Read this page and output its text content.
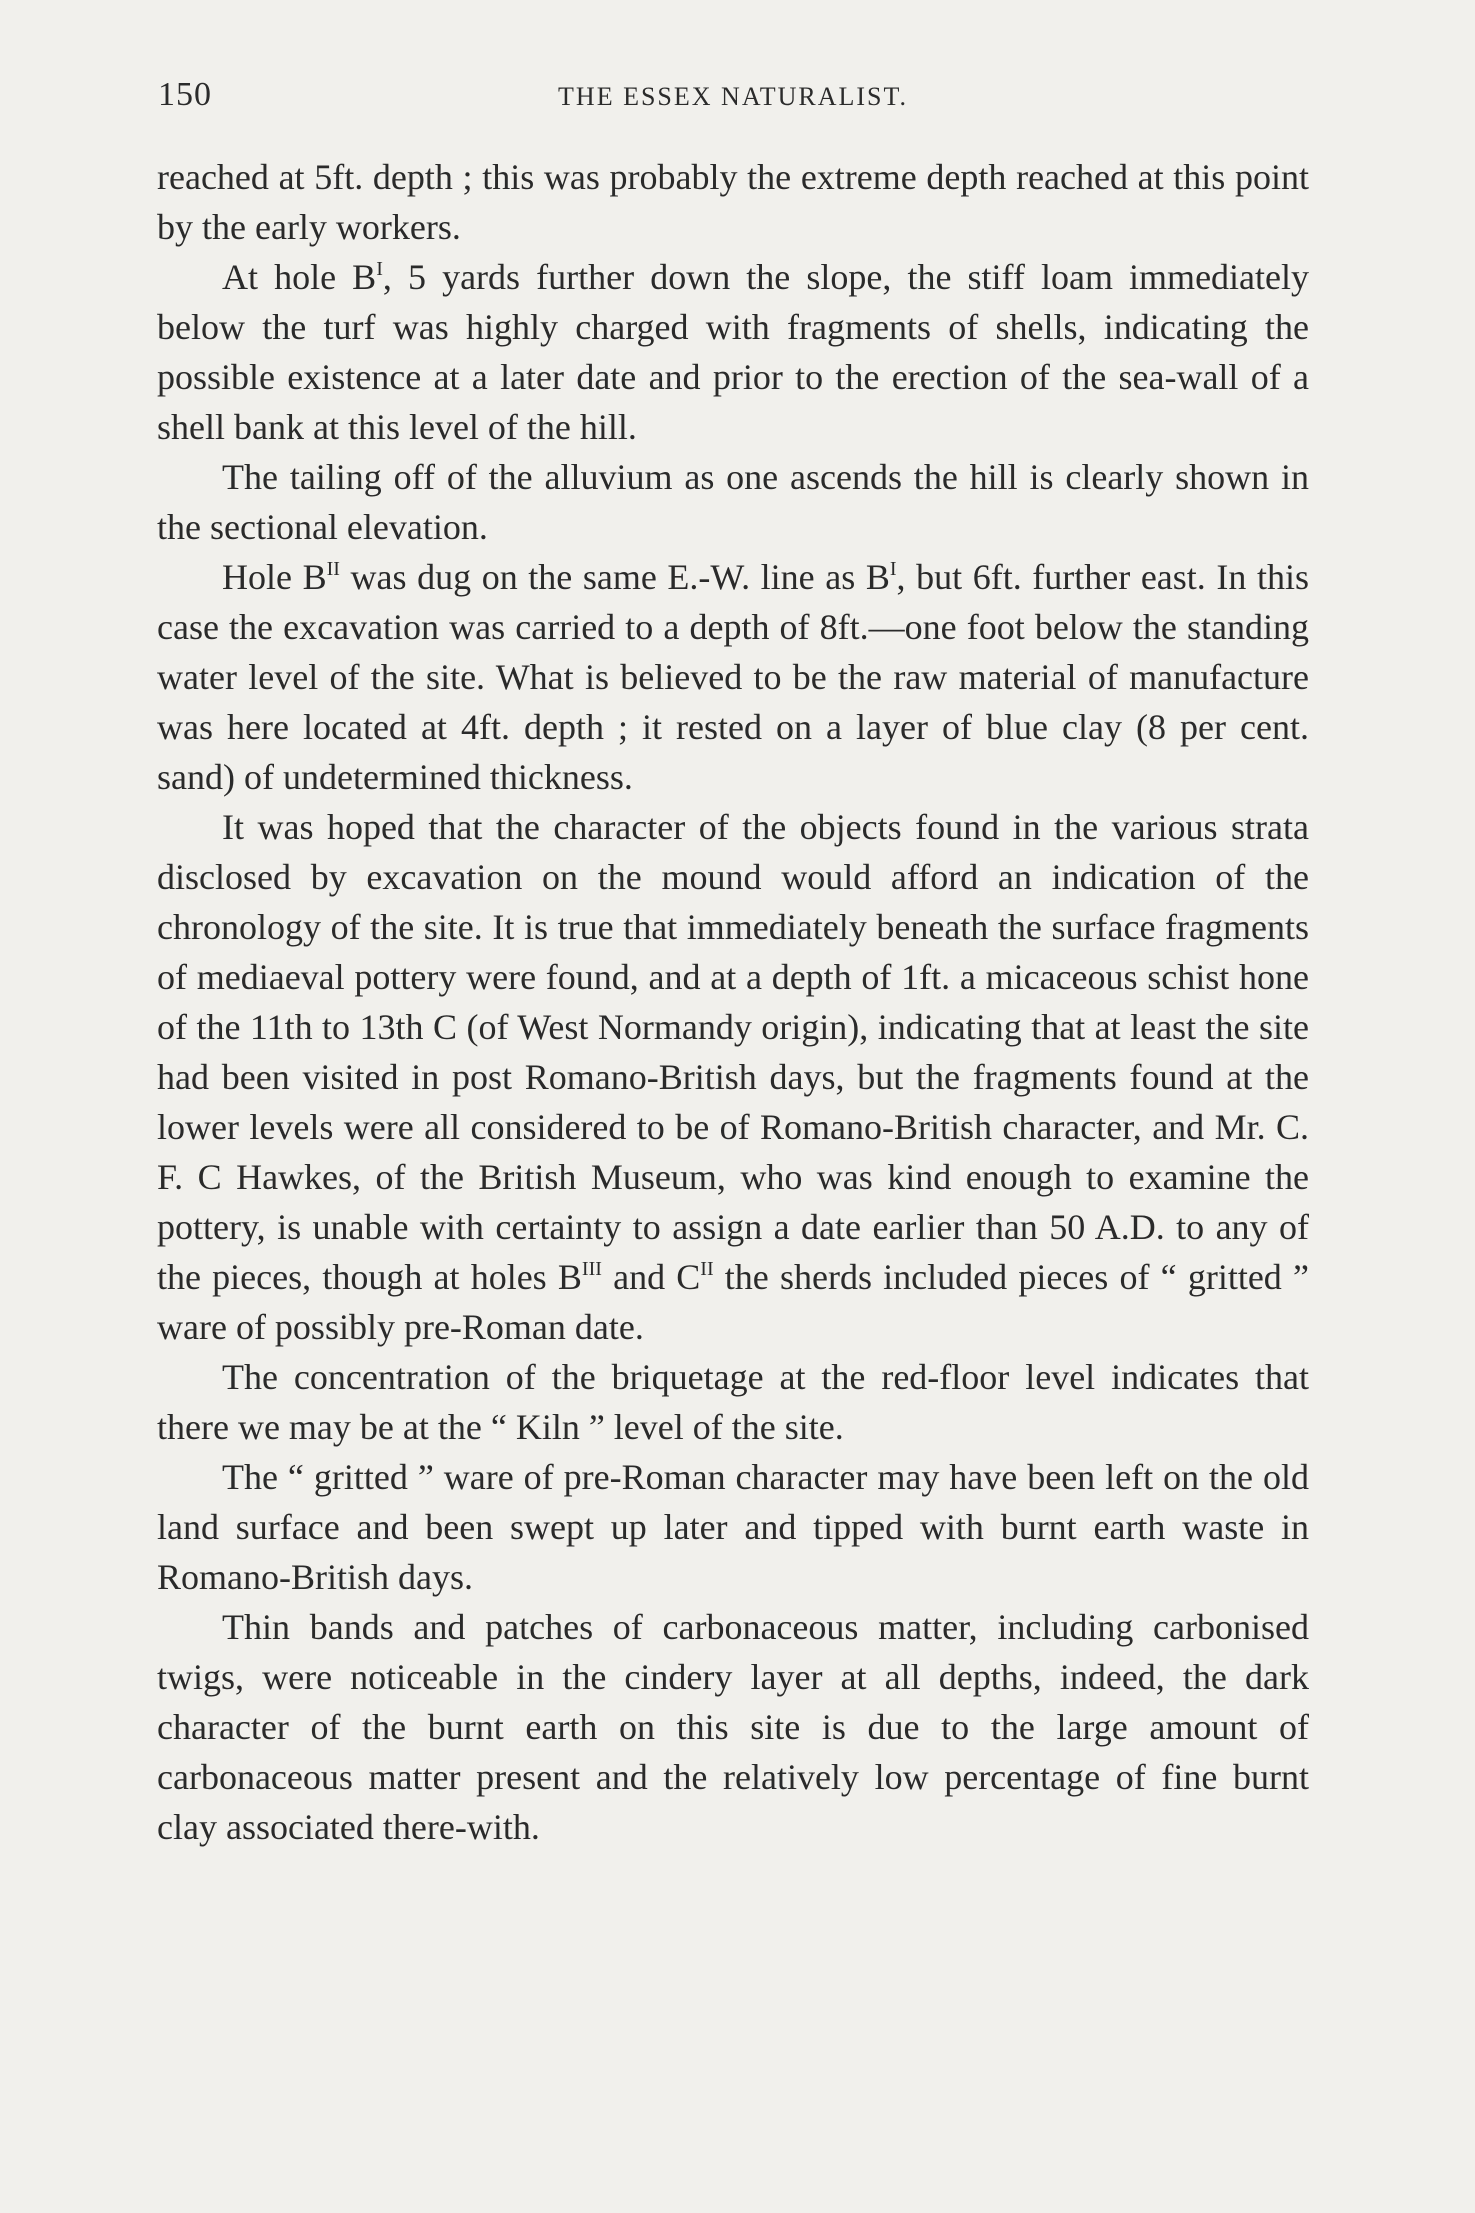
150	THE ESSEX NATURALIST.

reached at 5ft. depth ; this was probably the extreme depth reached at this point by the early workers.

At hole $B^I$, 5 yards further down the slope, the stiff loam immediately below the turf was highly charged with fragments of shells, indicating the possible existence at a later date and prior to the erection of the sea-wall of a shell bank at this level of the hill.

The tailing off of the alluvium as one ascends the hill is clearly shown in the sectional elevation.

Hole $B^{II}$ was dug on the same E.-W. line as $B^I$, but 6ft. further east. In this case the excavation was carried to a depth of 8ft.—one foot below the standing water level of the site. What is believed to be the raw material of manufacture was here located at 4ft. depth ; it rested on a layer of blue clay (8 per cent. sand) of undetermined thickness.

It was hoped that the character of the objects found in the various strata disclosed by excavation on the mound would afford an indication of the chronology of the site. It is true that immediately beneath the surface fragments of mediaeval pottery were found, and at a depth of 1ft. a micaceous schist hone of the 11th to 13th C (of West Normandy origin), indicating that at least the site had been visited in post Romano-British days, but the fragments found at the lower levels were all considered to be of Romano-British character, and Mr. C. F. C Hawkes, of the British Museum, who was kind enough to examine the pottery, is unable with certainty to assign a date earlier than 50 A.D. to any of the pieces, though at holes $B^{III}$ and $C^{II}$ the sherds included pieces of “ gritted ” ware of possibly pre-Roman date.

The concentration of the briquetage at the red-floor level indicates that there we may be at the “ Kiln ” level of the site.

The “ gritted ” ware of pre-Roman character may have been left on the old land surface and been swept up later and tipped with burnt earth waste in Romano-British days.

Thin bands and patches of carbonaceous matter, including carbonised twigs, were noticeable in the cindery layer at all depths, indeed, the dark character of the burnt earth on this site is due to the large amount of carbonaceous matter present and the relatively low percentage of fine burnt clay associated there-with.
